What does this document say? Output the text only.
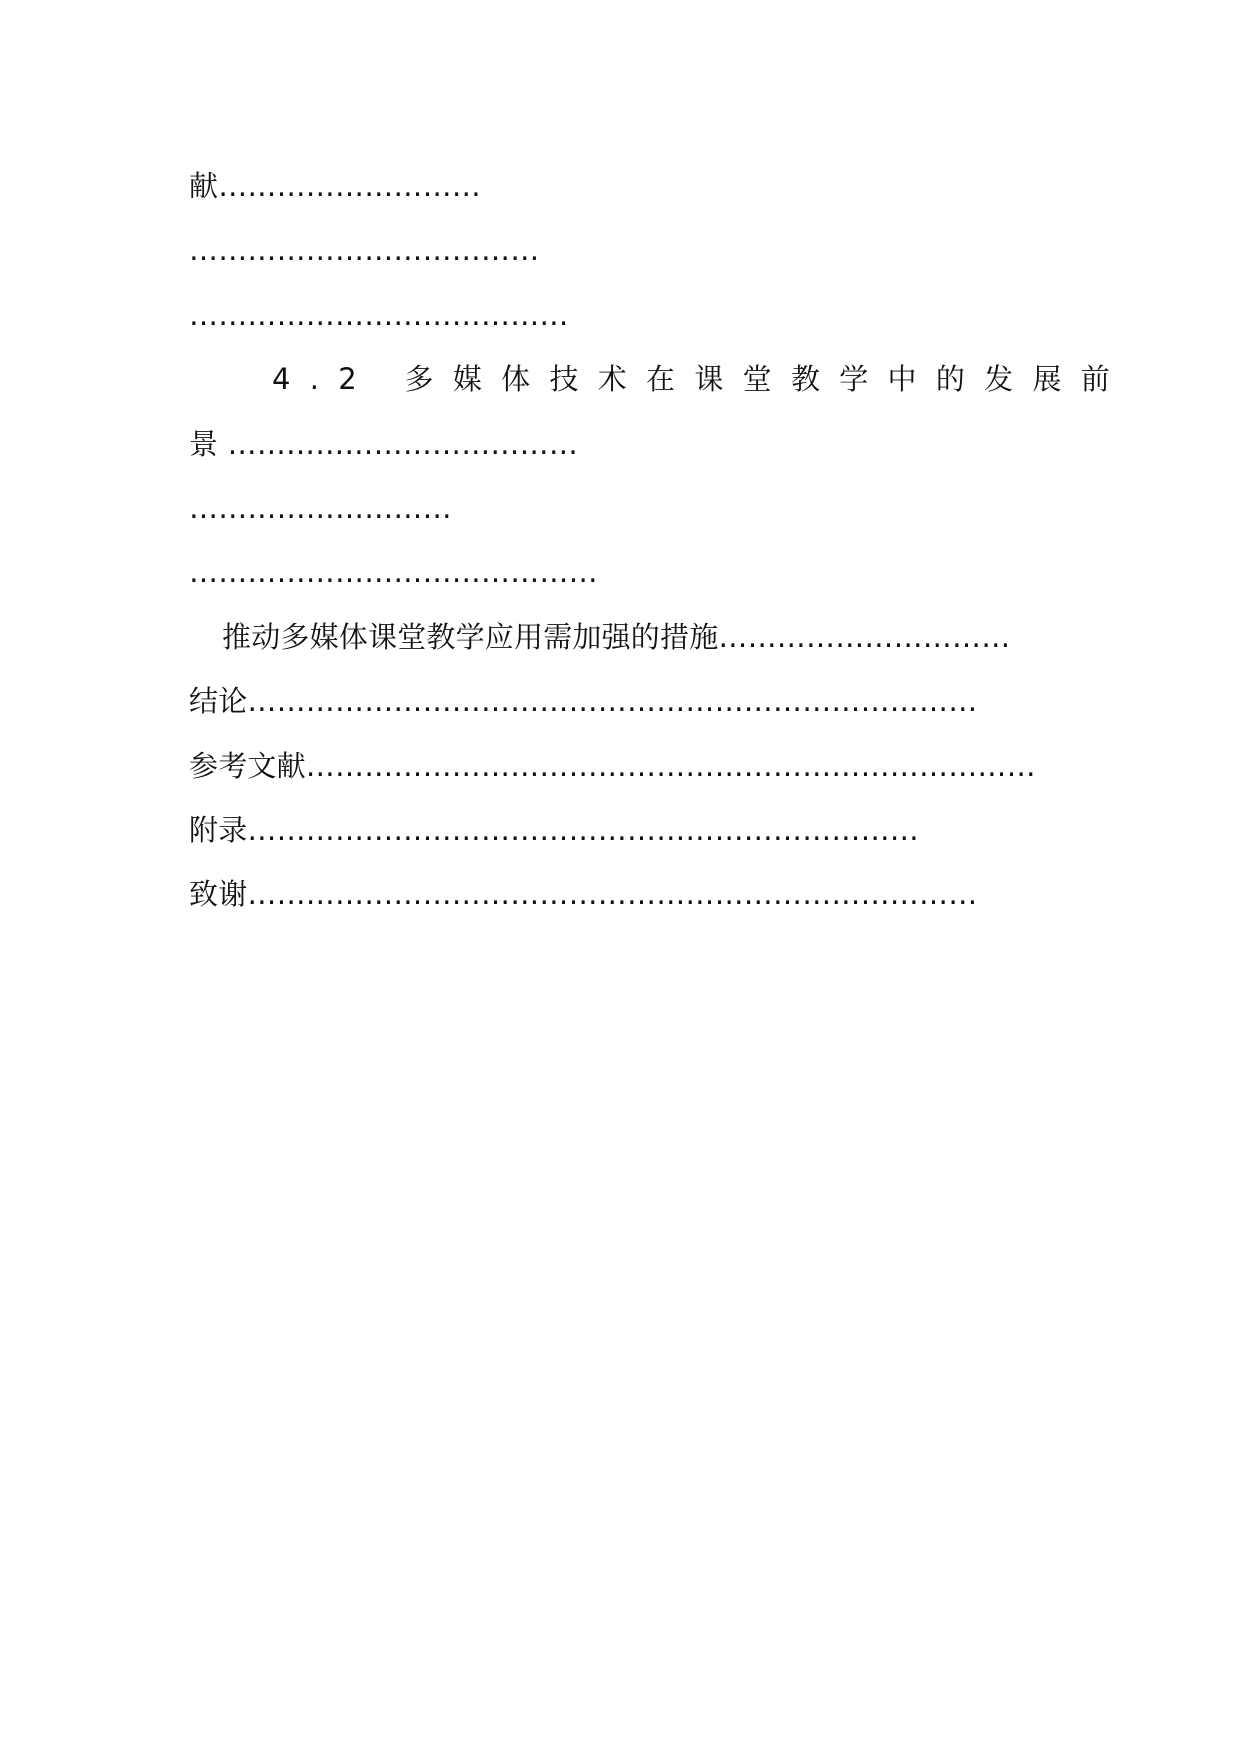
献………………………
………………………………
…………………………………
4.2 多媒体技术在课堂教学中的发展前
景 ………………………………
………………………
……………………………………
推动多媒体课堂教学应用需加强的措施…………………………
结论…………………………………………………………………
参考文献…………………………………………………………………
附录……………………………………………………………
致谢…………………………………………………………………
